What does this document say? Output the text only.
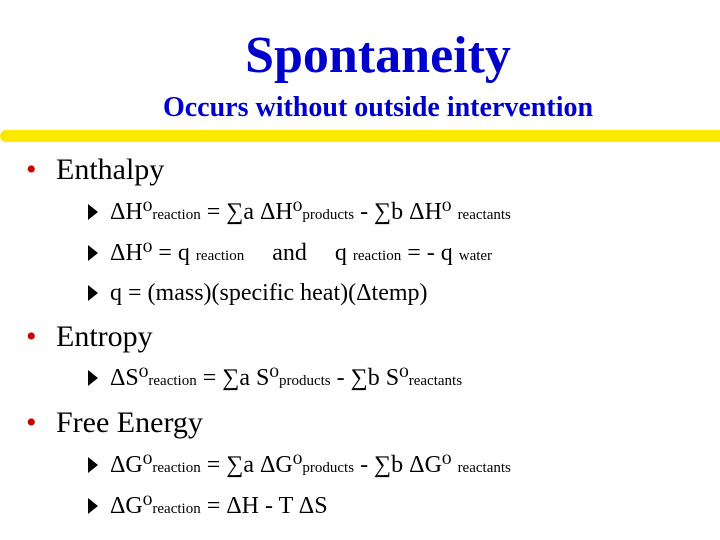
Spontaneity
Occurs without outside intervention
• Enthalpy
ΔH⁰reaction = ∑a ΔH⁰products - ∑b ΔH⁰ reactants
ΔH⁰ = q reaction and q reaction = - q water
q = (mass)(specific heat)(Δtemp)
• Entropy
ΔS⁰reaction = ∑a S⁰products - ∑b S⁰reactants
• Free Energy
ΔG⁰reaction = ∑a ΔG⁰products - ∑b ΔG⁰ reactants
ΔG⁰reaction = ΔH - T ΔS
